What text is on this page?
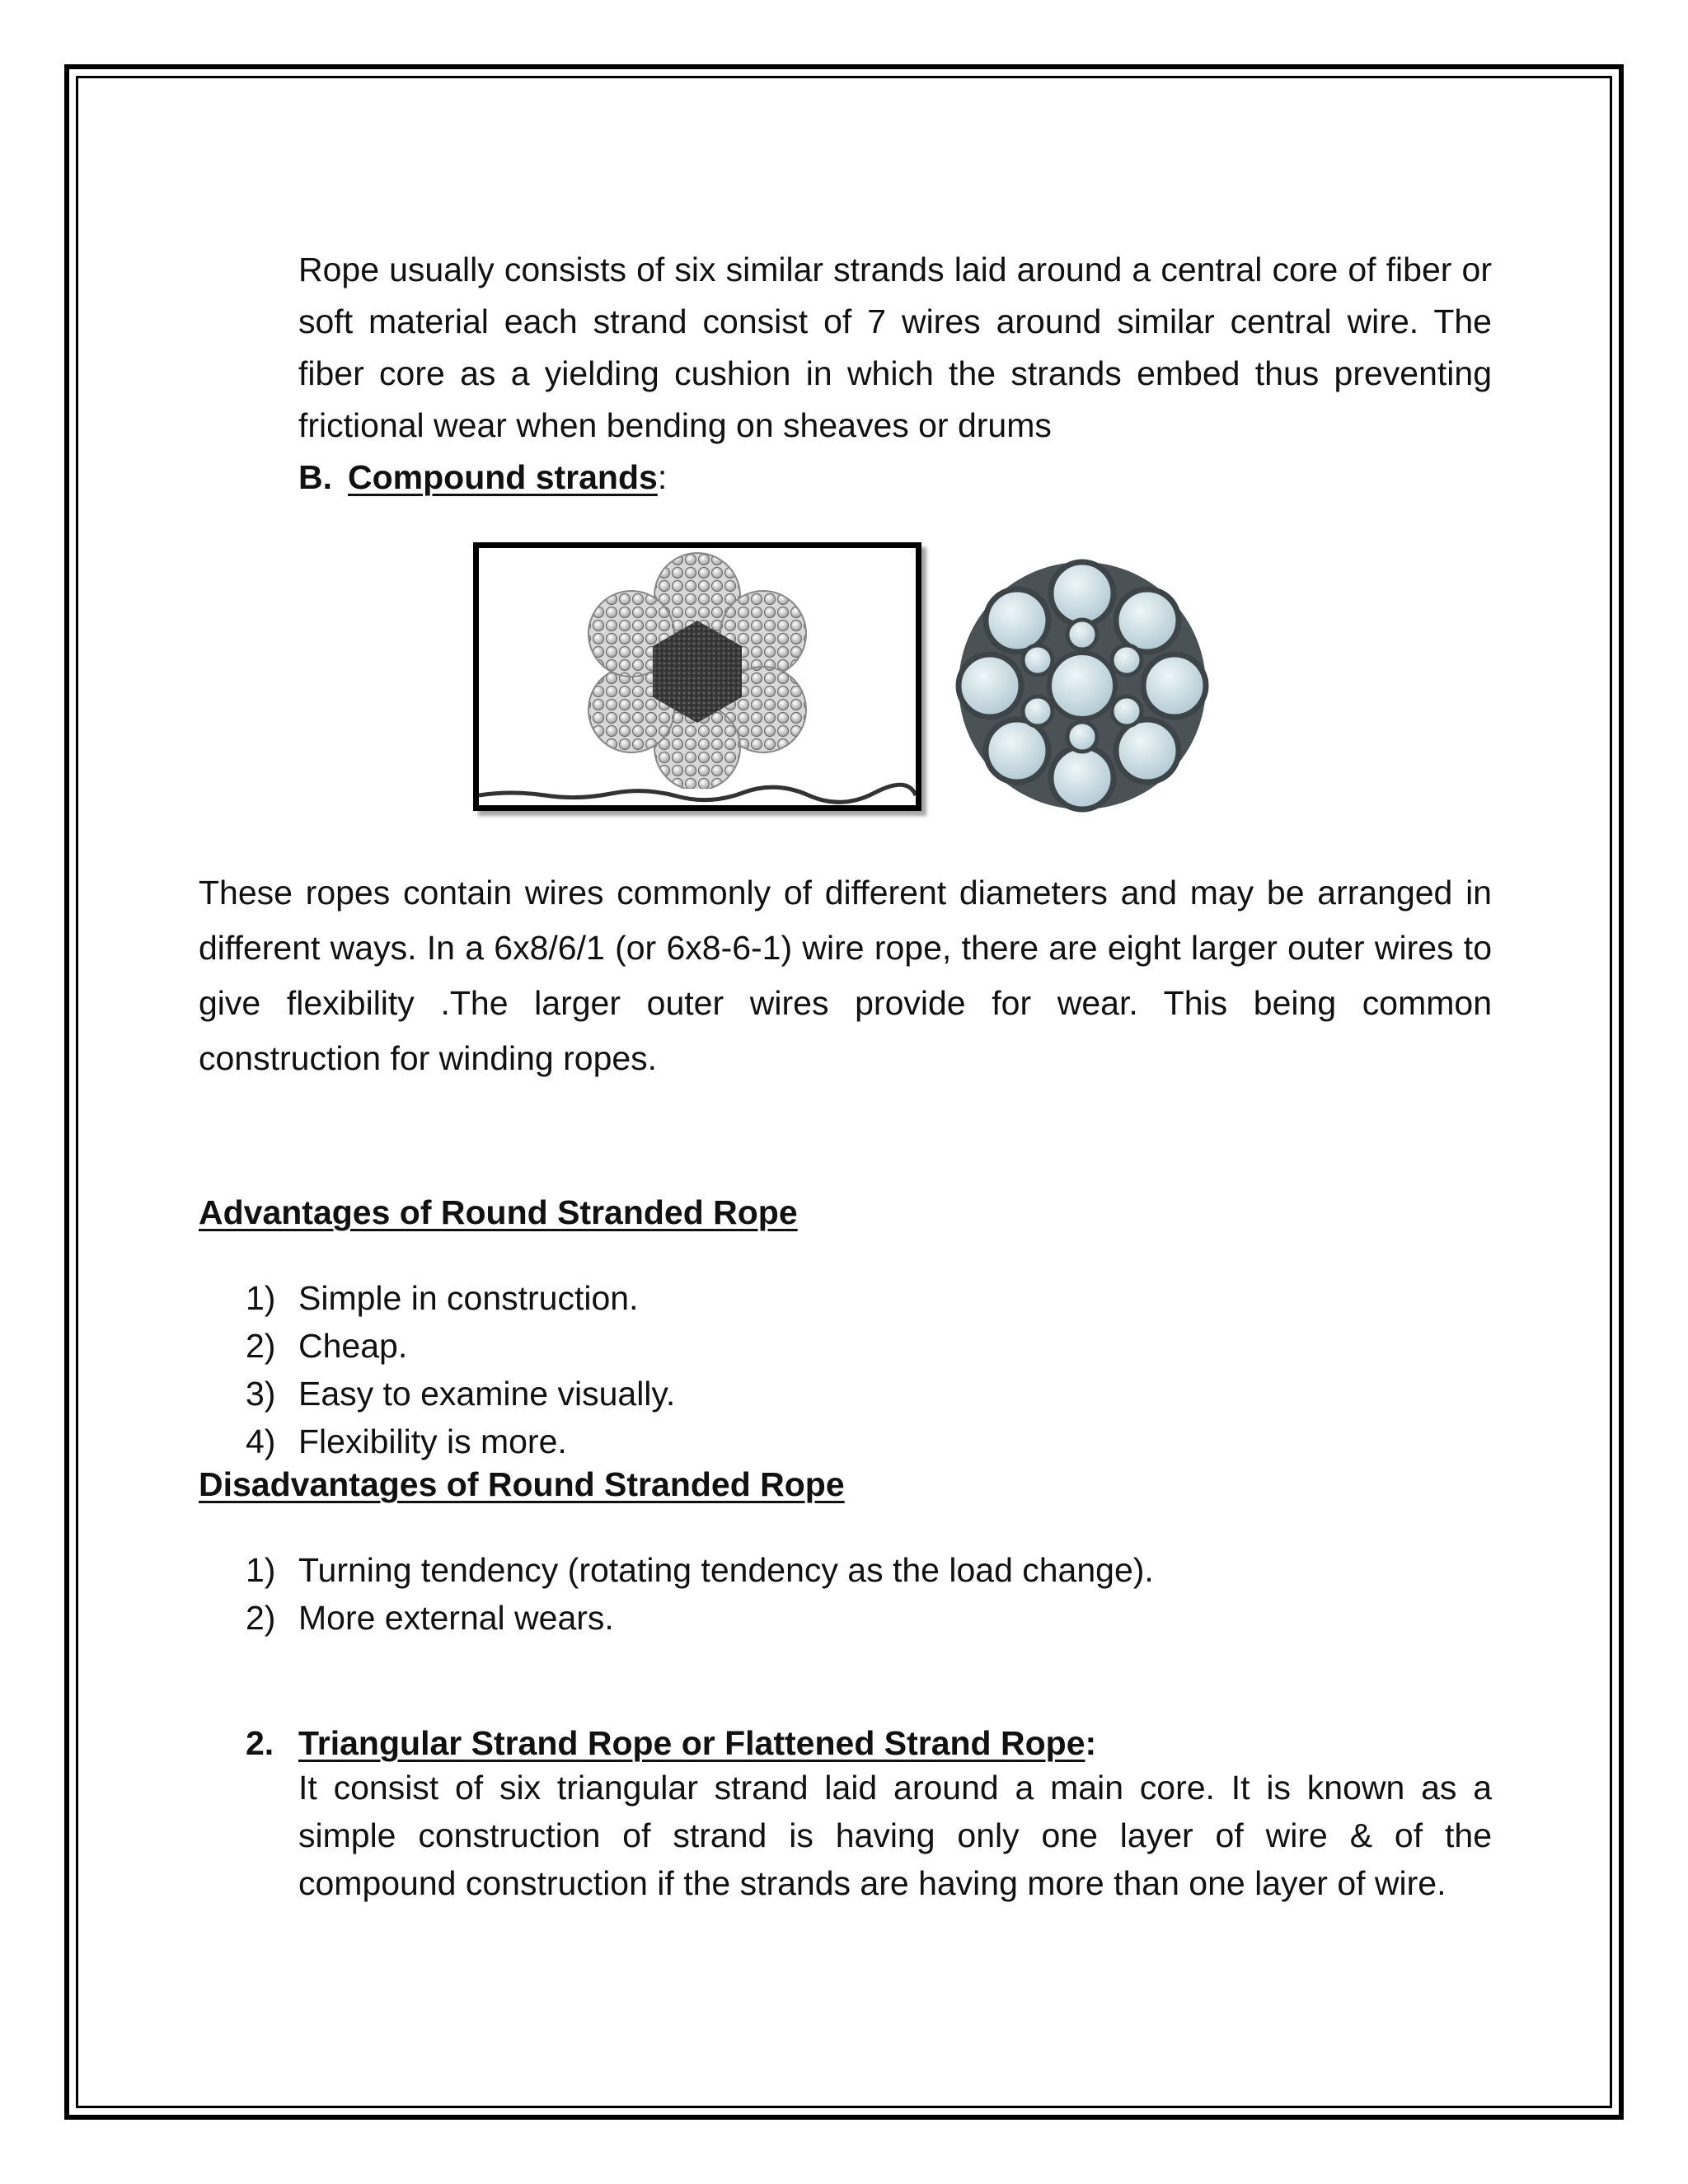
Rope usually consists of six similar strands laid around a central core of fiber or soft material each strand consist of 7 wires around similar central wire. The fiber core as a yielding cushion in which the strands embed thus preventing frictional wear when bending on sheaves or drums

B. Compound strands:

These ropes contain wires commonly of different diameters and may be arranged in different ways. In a 6x8/6/1 (or 6x8-6-1) wire rope, there are eight larger outer wires to give flexibility .The larger outer wires provide for wear. This being common construction for winding ropes.

Advantages of Round Stranded Rope
1) Simple in construction.
2) Cheap.
3) Easy to examine visually.
4) Flexibility is more.
Disadvantages of Round Stranded Rope
1) Turning tendency (rotating tendency as the load change).
2) More external wears.
2. Triangular Strand Rope or Flattened Strand Rope:

It consist of six triangular strand laid around a main core. It is known as a simple construction of strand is having only one layer of wire & of the compound construction if the strands are having more than one layer of wire.
